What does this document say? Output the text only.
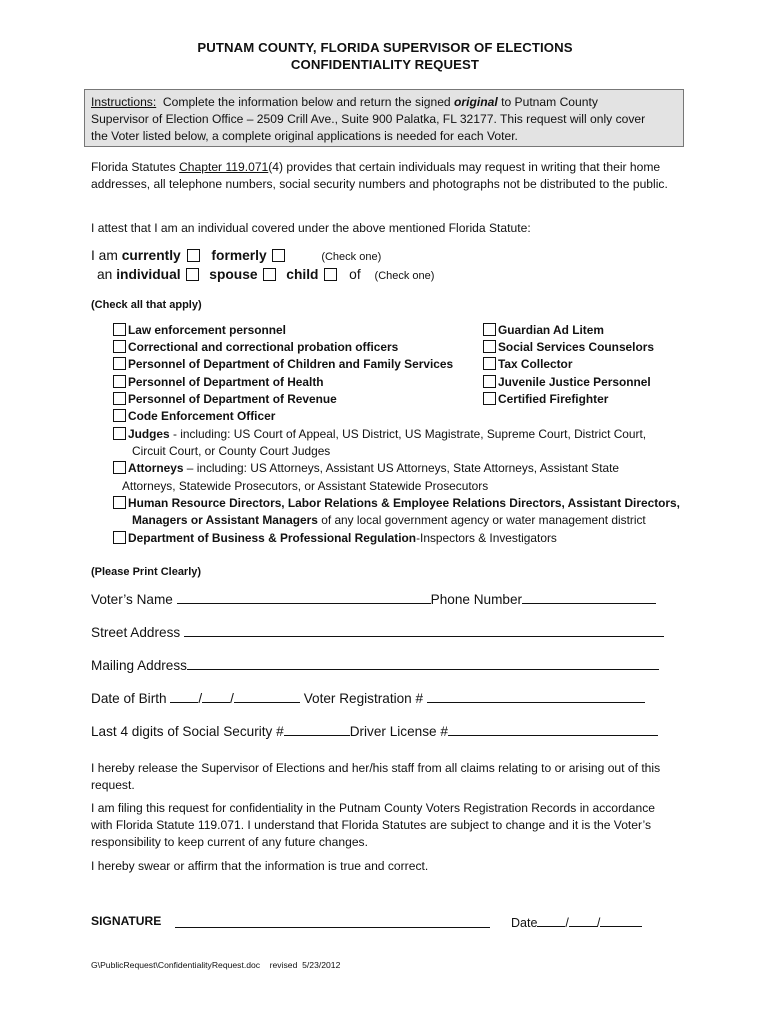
PUTNAM COUNTY, FLORIDA SUPERVISOR OF ELECTIONS
CONFIDENTIALITY REQUEST
Instructions:  Complete the information below and return the signed original to Putnam County
Supervisor of Election Office – 2509 Crill Ave., Suite 900 Palatka, FL 32177. This request will only cover
the Voter listed below, a complete original applications is needed for each Voter.
Florida Statutes Chapter 119.071(4) provides that certain individuals may request in writing that their home
addresses, all telephone numbers, social security numbers and photographs not be distributed to the public.
I attest that I am an individual covered under the above mentioned Florida Statute:
I am currently formerly	(Check one)
an individual spouse child of (Check one)
(Check all that apply)
Law enforcement personnel
Correctional and correctional probation officers
Personnel of Department of Children and Family Services
Personnel of Department of Health
Personnel of Department of Revenue
Code Enforcement Officer
Judges - including: US Court of Appeal, US District, US Magistrate, Supreme Court, District Court,
Circuit Court, or County Court Judges
Attorneys – including: US Attorneys, Assistant US Attorneys, State Attorneys, Assistant State
Attorneys, Statewide Prosecutors, or Assistant Statewide Prosecutors
Human Resource Directors, Labor Relations & Employee Relations Directors, Assistant Directors,
Managers or Assistant Managers of any local government agency or water management district
Department of Business & Professional Regulation-Inspectors & Investigators
Guardian Ad Litem
Social Services Counselors
Tax Collector
Juvenile Justice Personnel
Certified Firefighter
(Please Print Clearly)
Voter’s Name	Phone Number
Street Address
Mailing Address
Date of Birth / /	Voter Registration #
Last 4 digits of Social Security #	Driver License #
I hereby release the Supervisor of Elections and her/his staff from all claims relating to or arising out of this
request.
I am filing this request for confidentiality in the Putnam County Voters Registration Records in accordance
with Florida Statute 119.071. I understand that Florida Statutes are subject to change and it is the Voter’s
responsibility to keep current of any future changes.
I hereby swear or affirm that the information is true and correct.
SIGNATURE	Date / /
G\PublicRequest\ConfidentialityRequest.doc    revised  5/23/2012
